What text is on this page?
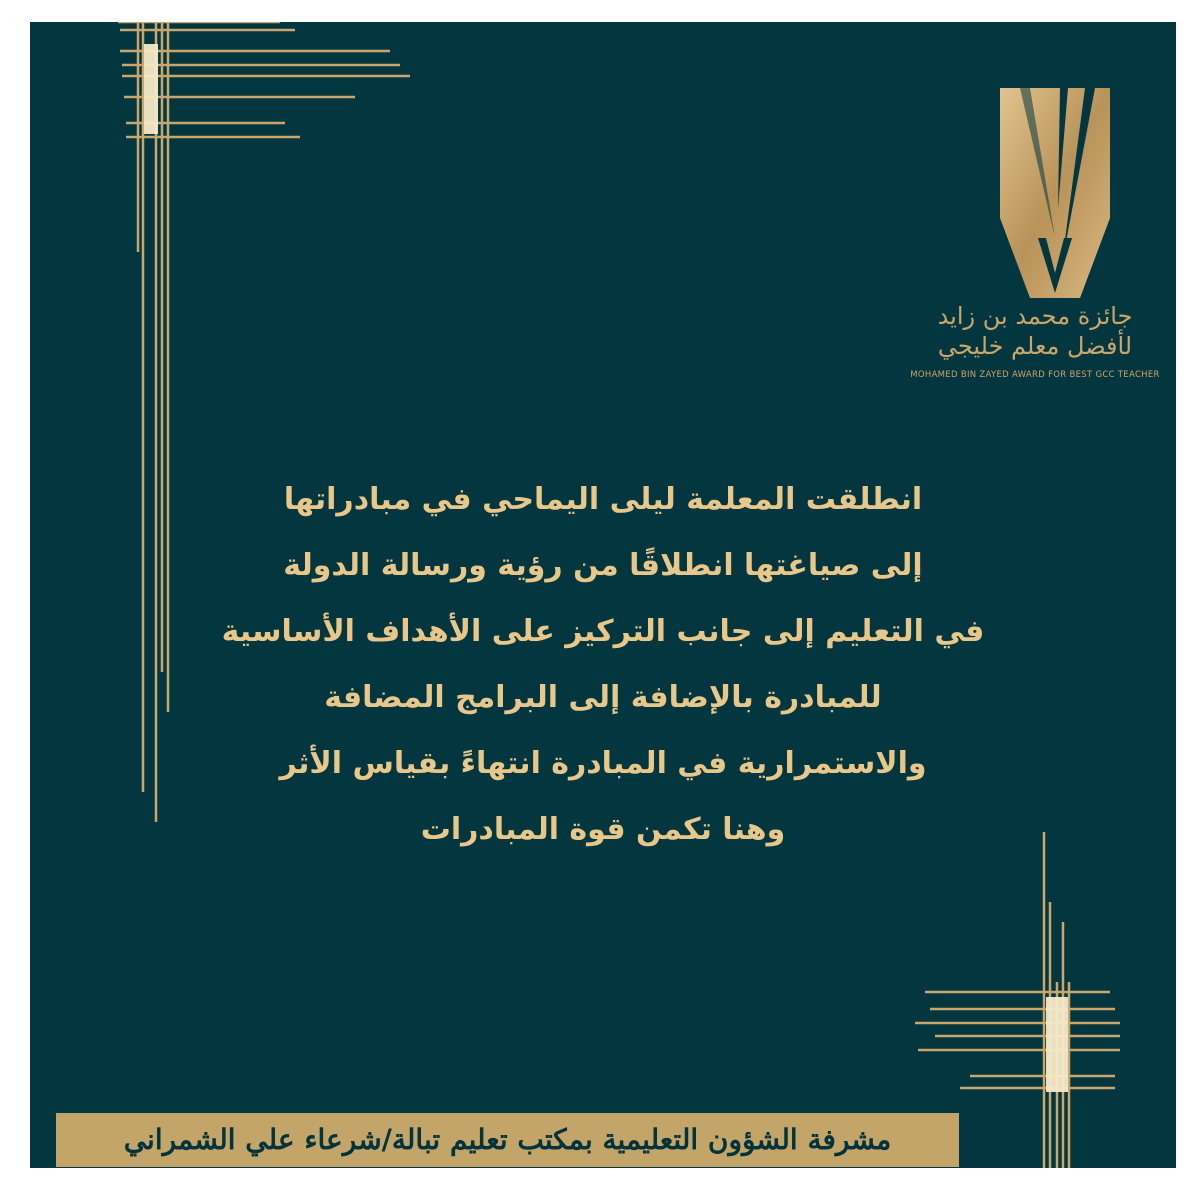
جائزة محمد بن زايد
لأفضل معلم خليجي
MOHAMED BIN ZAYED AWARD FOR BEST GCC TEACHER
انطلقت المعلمة ليلى اليماحي في مبادراتها
إلى صياغتها انطلاقًا من رؤية ورسالة الدولة
في التعليم إلى جانب التركيز على الأهداف الأساسية
للمبادرة بالإضافة إلى البرامج المضافة
والاستمرارية في المبادرة انتهاءً بقياس الأثر
وهنا تكمن قوة المبادرات
مشرفة الشؤون التعليمية بمكتب تعليم تبالة/شرعاء علي الشمراني
